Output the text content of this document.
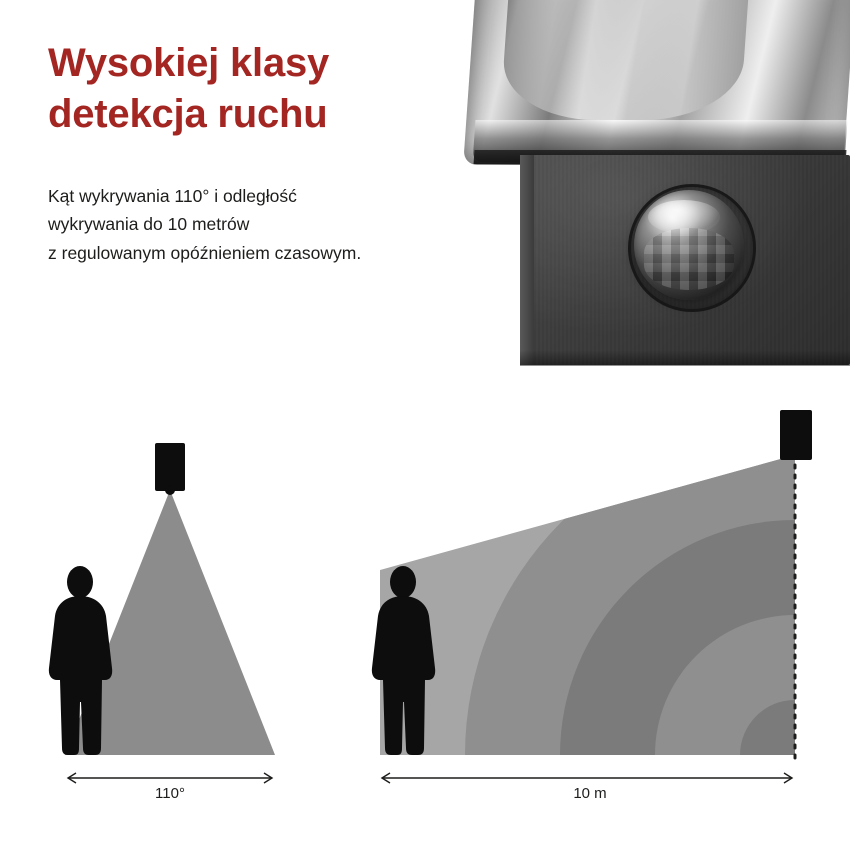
Wysokiej klasy
detekcja ruchu
Kąt wykrywania 110° i odległość
wykrywania do 10 metrów
z regulowanym opóźnieniem czasowym.
110°	10 m
